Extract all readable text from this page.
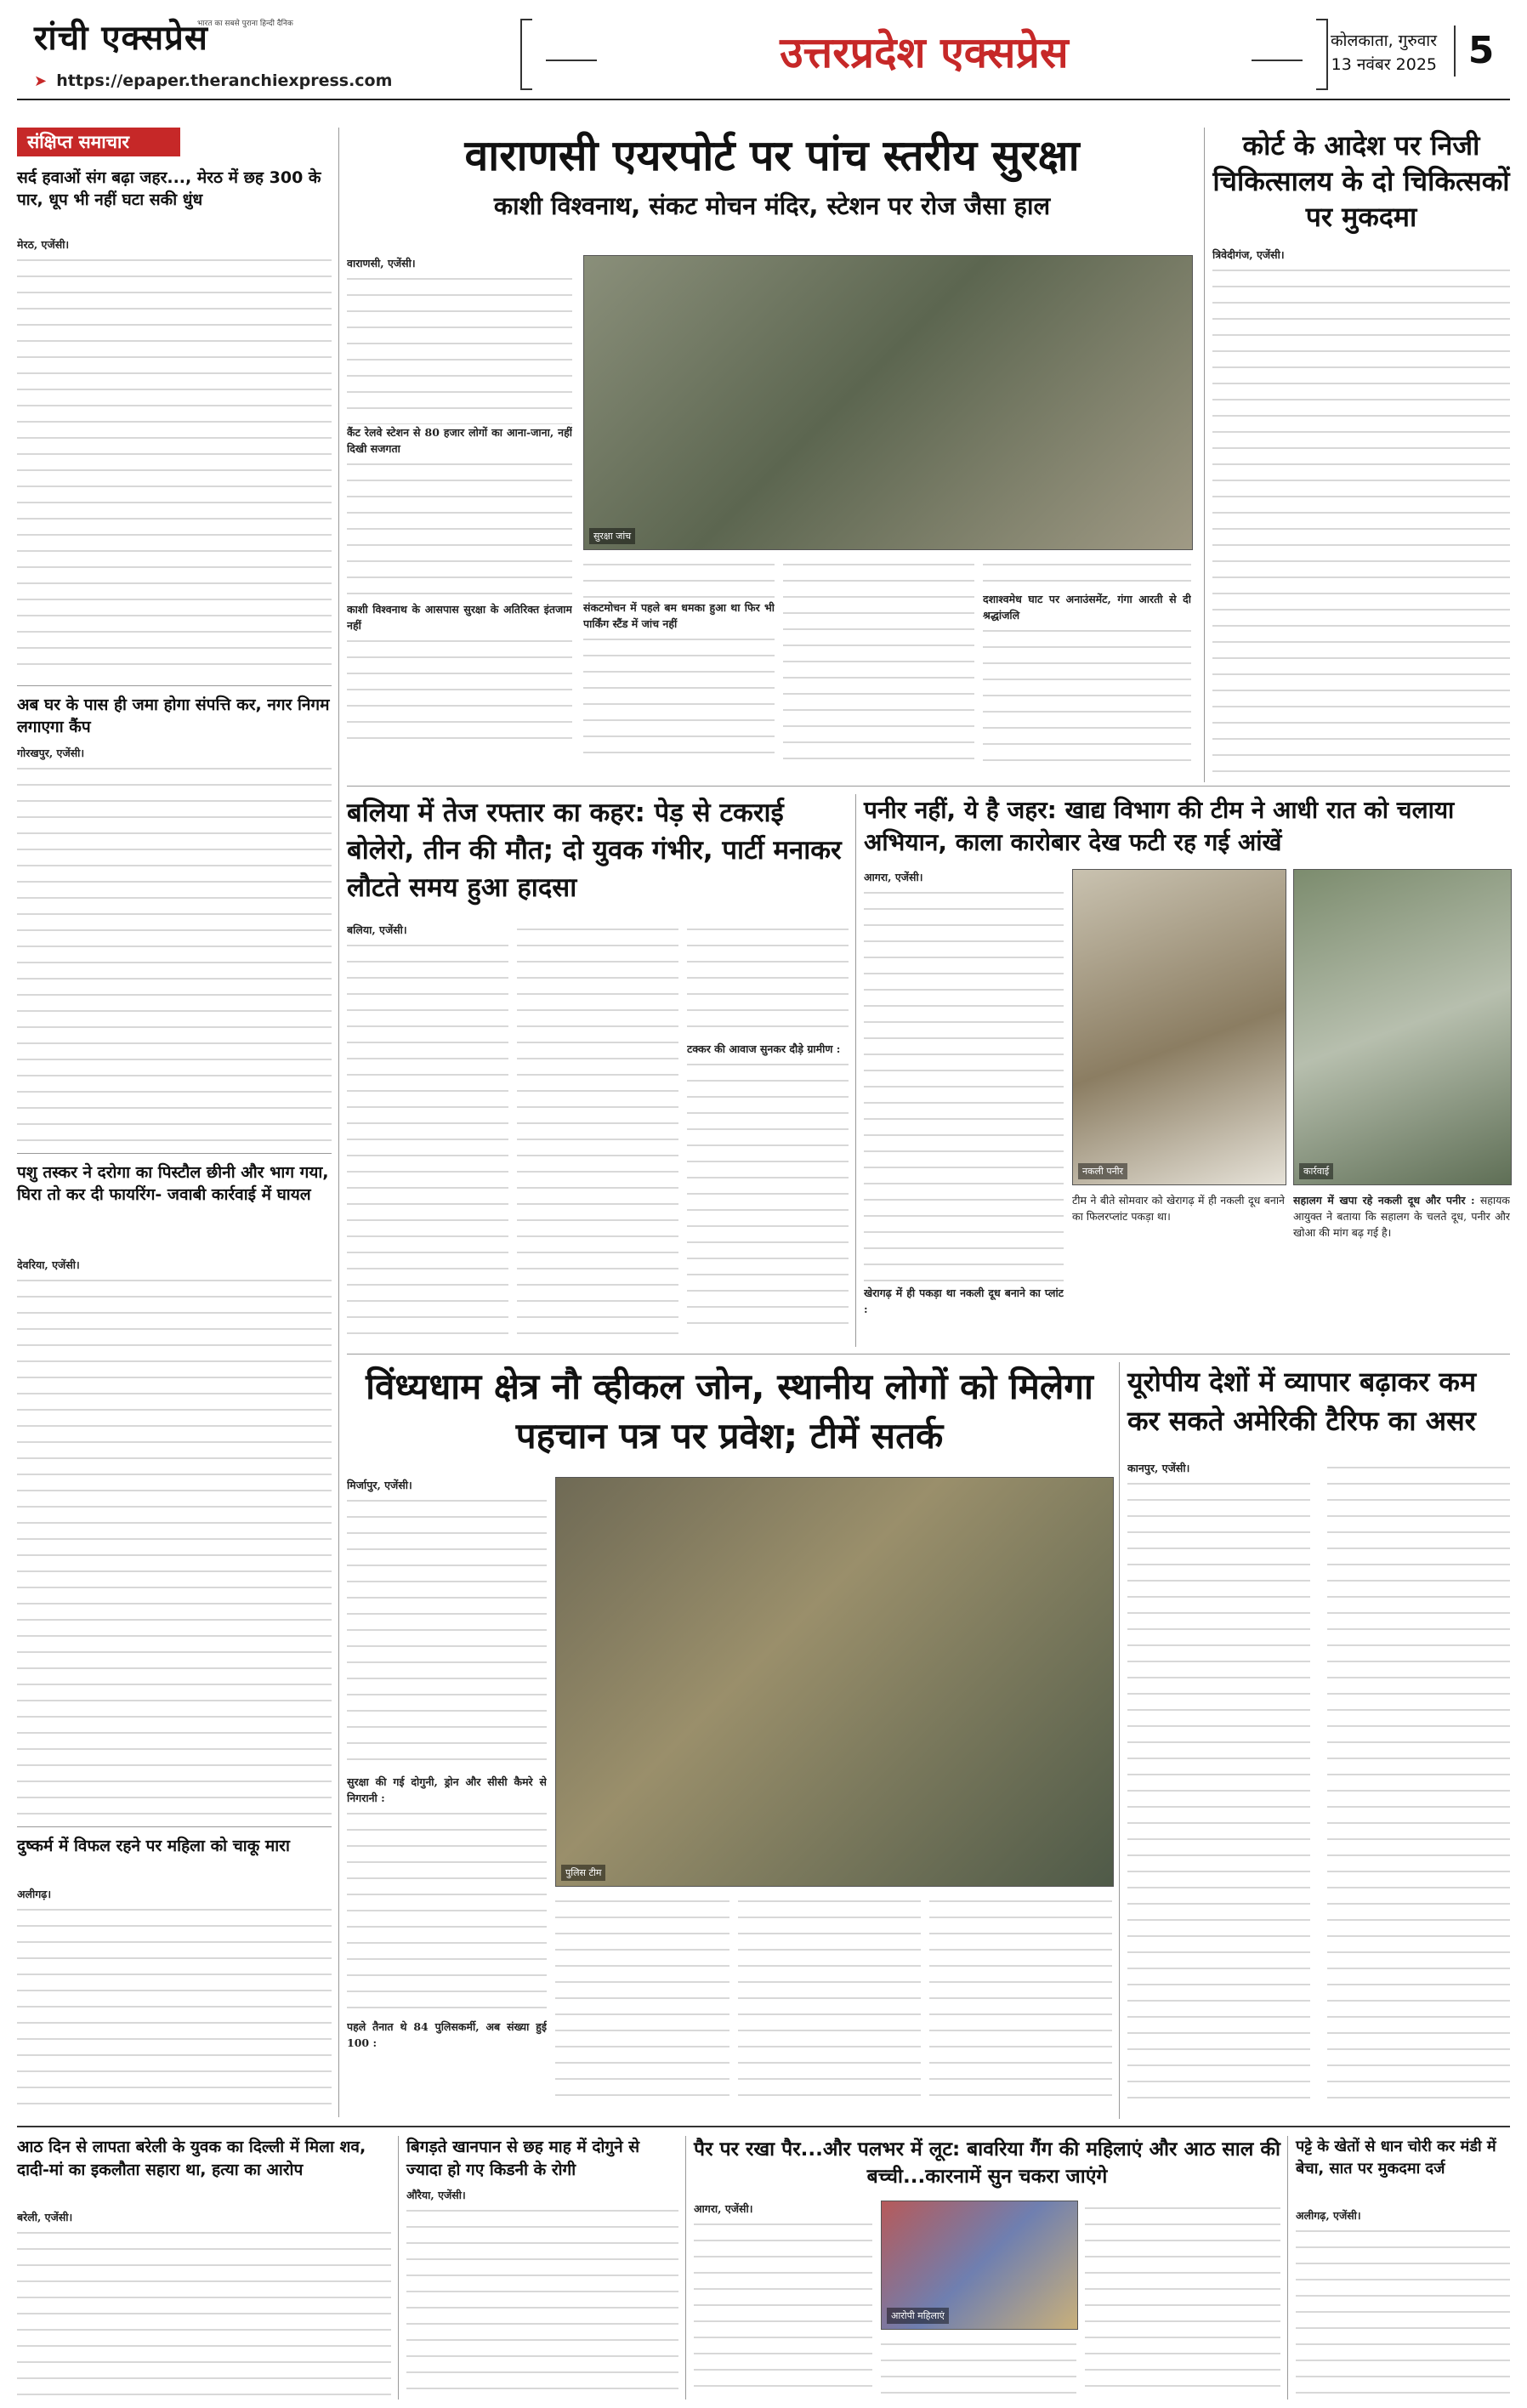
रांची एक्सप्रेस
भारत का सबसे पुराना हिन्दी दैनिक
➤ https://epaper.theranchiexpress.com
उत्तरप्रदेश एक्सप्रेस	कोलकाता, गुरुवार
13 नवंबर 2025 5
संक्षिप्त समाचार
सर्द हवाओं संग बढ़ा जहर..., मेरठ में छह 300 के पार, धूप भी नहीं घटा सकी धुंध
मेरठ, एजेंसी।
अब घर के पास ही जमा होगा संपत्ति कर, नगर निगम लगाएगा कैंप
गोरखपुर, एजेंसी।
पशु तस्कर ने दरोगा का पिस्टौल छीनी और भाग गया, घिरा तो कर दी फायरिंग- जवाबी कार्रवाई में घायल
देवरिया, एजेंसी।
दुष्कर्म में विफल रहने पर महिला को चाकू मारा
अलीगढ़।
वाराणसी एयरपोर्ट पर पांच स्तरीय सुरक्षा
काशी विश्वनाथ, संकट मोचन मंदिर, स्टेशन पर रोज जैसा हाल
वाराणसी, एजेंसी।
कैंट रेलवे स्टेशन से 80 हजार लोगों का आना-जाना, नहीं दिखी सजगता
काशी विश्वनाथ के आसपास सुरक्षा के अतिरिक्त इंतजाम नहीं
सुरक्षा जांच
संकटमोचन में पहले बम धमका हुआ था फिर भी पार्किंग स्टैंड में जांच नहीं
दशाश्वमेध घाट पर अनाउंसमेंट, गंगा आरती से दी श्रद्धांजलि
कोर्ट के आदेश पर निजी चिकित्सालय के दो चिकित्सकों पर मुकदमा
त्रिवेदीगंज, एजेंसी।
बलिया में तेज रफ्तार का कहर: पेड़ से टकराई बोलेरो, तीन की मौत; दो युवक गंभीर, पार्टी मनाकर लौटते समय हुआ हादसा
बलिया, एजेंसी।
टक्कर की आवाज सुनकर दौड़े ग्रामीण :
पनीर नहीं, ये है जहर: खाद्य विभाग की टीम ने आधी रात को चलाया अभियान, काला कारोबार देख फटी रह गई आंखें
आगरा, एजेंसी।
खेरागढ़ में ही पकड़ा था नकली दूध बनाने का प्लांट :
नकली पनीर	कार्रवाई
टीम ने बीते सोमवार को खेरागढ़ में ही नकली दूध बनाने का फिलरप्लांट पकड़ा था।
सहालग में खपा रहे नकली दूध और पनीर : सहायक आयुक्त ने बताया कि सहालग के चलते दूध, पनीर और खोआ की मांग बढ़ गई है।
विंध्यधाम क्षेत्र नौ व्हीकल जोन, स्थानीय लोगों को मिलेगा पहचान पत्र पर प्रवेश; टीमें सतर्क
मिर्जापुर, एजेंसी।
सुरक्षा की गई दोगुनी, ड्रोन और सीसी कैमरे से निगरानी :
पहले तैनात थे 84 पुलिसकर्मी, अब संख्या हुई 100 :
पुलिस टीम
यूरोपीय देशों में व्यापार बढ़ाकर कम कर सकते अमेरिकी टैरिफ का असर
कानपुर, एजेंसी।
आठ दिन से लापता बरेली के युवक का दिल्ली में मिला शव, दादी-मां का इकलौता सहारा था, हत्या का आरोप
बरेली, एजेंसी।
बिगड़ते खानपान से छह माह में दोगुने से ज्यादा हो गए किडनी के रोगी
औरैया, एजेंसी।
पैर पर रखा पैर...और पलभर में लूट: बावरिया गैंग की महिलाएं और आठ साल की बच्ची...कारनामें सुन चकरा जाएंगे
आगरा, एजेंसी।
आरोपी महिलाएं
पट्टे के खेतों से धान चोरी कर मंडी में बेचा, सात पर मुकदमा दर्ज
अलीगढ़, एजेंसी।
